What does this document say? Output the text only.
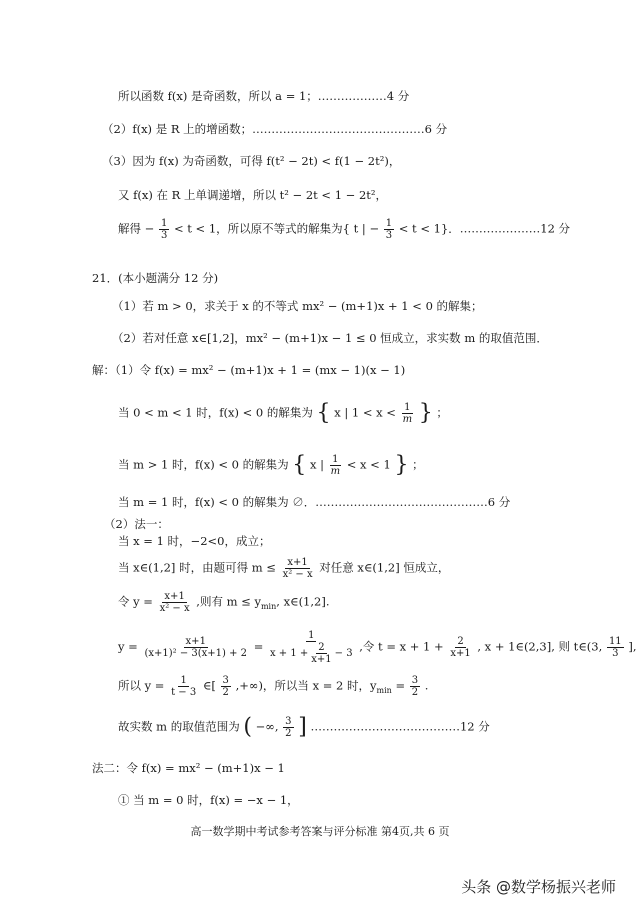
所以函数 f(x) 是奇函数，所以 a = 1；………………4 分
（2）f(x) 是 R 上的增函数；………………………………………6 分
（3）因为 f(x) 为奇函数，可得 f(t² − 2t) < f(1 − 2t²)，
又 f(x) 在 R 上单调递增，所以 t² − 2t < 1 − 2t²，
解得 − $\frac{1}{3} < t < 1$，所以原不等式的解集为{ t | − $\frac{1}{3} < t < 1$}．…………………12 分
21．(本小题满分 12 分)
（1）若 m > 0，求关于 x 的不等式 mx² − (m+1)x + 1 < 0 的解集；
（2）若对任意 x∈[1,2]，mx² − (m+1)x − 1 ≤ 0 恒成立，求实数 m 的取值范围．
解：（1）令 f(x) = mx² − (m+1)x + 1 = (mx − 1)(x − 1)
当 0 < m < 1 时，f(x) < 0 的解集为 { x | $1 < x < \frac{1}{m}$ } ；
当 m > 1 时，f(x) < 0 的解集为 { x | $\frac{1}{m} < x < 1$ } ；
当 m = 1 时，f(x) < 0 的解集为 ∅．………………………………………6 分
（2）法一：
当 x = 1 时，−2<0，成立；
当 x∈(1,2] 时，由题可得 $m \le \frac{x+1}{\text{x² − x}}$ 对任意 x∈(1,2] 恒成立，
令 $y = \frac{x+1}{\text{x² − x}}$ ,则有 $m \le y_{min}$, x∈(1,2].
$y = \frac{x+1}{\text{(x+1)² − 3(x+1) + 2}} = \frac{1}{x + 1 + \frac{2}{x+1} - 3}$ ,令 $t = x + 1 + \frac{2}{x+1}$ , x + 1∈(2,3], 则 t∈(3, $\frac{11}{3}$ ],
所以 $y = \frac{1}{t - 3}$ ∈[ $\frac{3}{2}$ ,+∞)，所以当 x = 2 时，$y_{min} = \frac{3}{2}$ .
故实数 m 的取值范围为 ( −∞, $\frac{3}{2}$ ] …………………………………12 分
法二：令 f(x) = mx² − (m+1)x − 1
① 当 m = 0 时，f(x) = −x − 1，
高一数学期中考试参考答案与评分标准 第4页,共 6 页
头条 @数学杨振兴老师
